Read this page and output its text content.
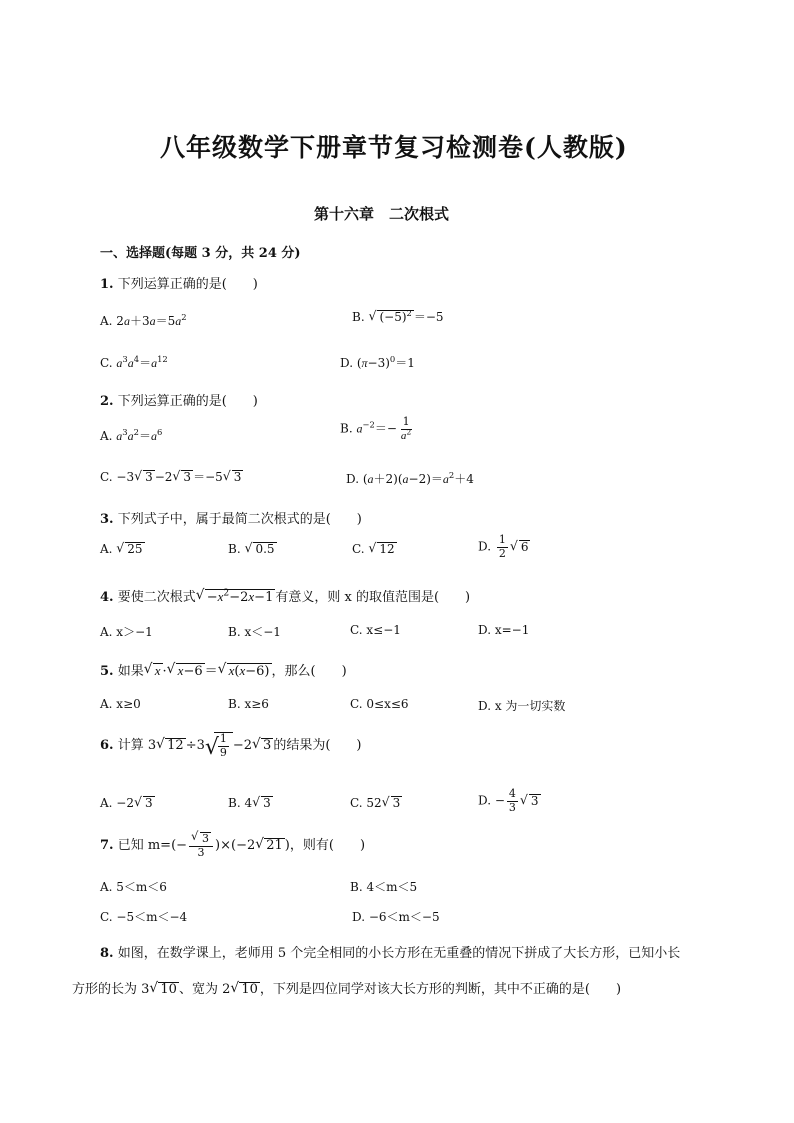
八年级数学下册章节复习检测卷(人教版)
第十六章　二次根式
一、选择题(每题 3 分，共 24 分)
1. 下列运算正确的是(　　)
A. $2a+3a=5a^2$	B. √ $(-5)^2 =-5$
C. $a^3a^4=a^{12}$	D. $(\pi-3)^0=1$
2. 下列运算正确的是(　　)
A. $a^3a^2=a^6$	B. $a^{-2}=- \frac{1}{a^2}$
C. −3√ 3 −2√ 3 ＝−5√ 3	D. $(a+2)(a-2)=a^2+4$
3. 下列式子中，属于最简二次根式的是(　　)
A. √ 25	B. √ 0.5	C. √ 12	D. $\frac{1}{2}$
√ 6
4. 要使二次根式√ $-x^2-2x-1$ 有意义，则 x 的取值范围是(　　)
A. x＞−1	B. x＜−1	C. x≤−1	D. x=−1
5. 如果√ x ·√ x−6 ＝√ x(x−6) ，那么(　　)
A. x≥0	B. x≥6	C. 0≤x≤6	D. x 为一切实数
6. 计算 3√ 12 ÷3
√ $\frac{1}{9} -2√$ 3 的结果为(　　)
A. −2√ 3	B. 4√ 3	C. 52√ 3	D. − $\frac{4}{3}$
√ 3
7. 已知 m=(−
√ $\frac{3}{3} )\times(-2√$ 21 )，则有(　　)
A. 5＜m＜6	B. 4＜m＜5
C. −5＜m＜−4	D. −6＜m＜−5
8. 如图，在数学课上，老师用 5 个完全相同的小长方形在无重叠的情况下拼成了大长方形，已知小长
方形的长为 3√ 10 、宽为 2√ 10 ，下列是四位同学对该大长方形的判断，其中不正确的是(　　)
